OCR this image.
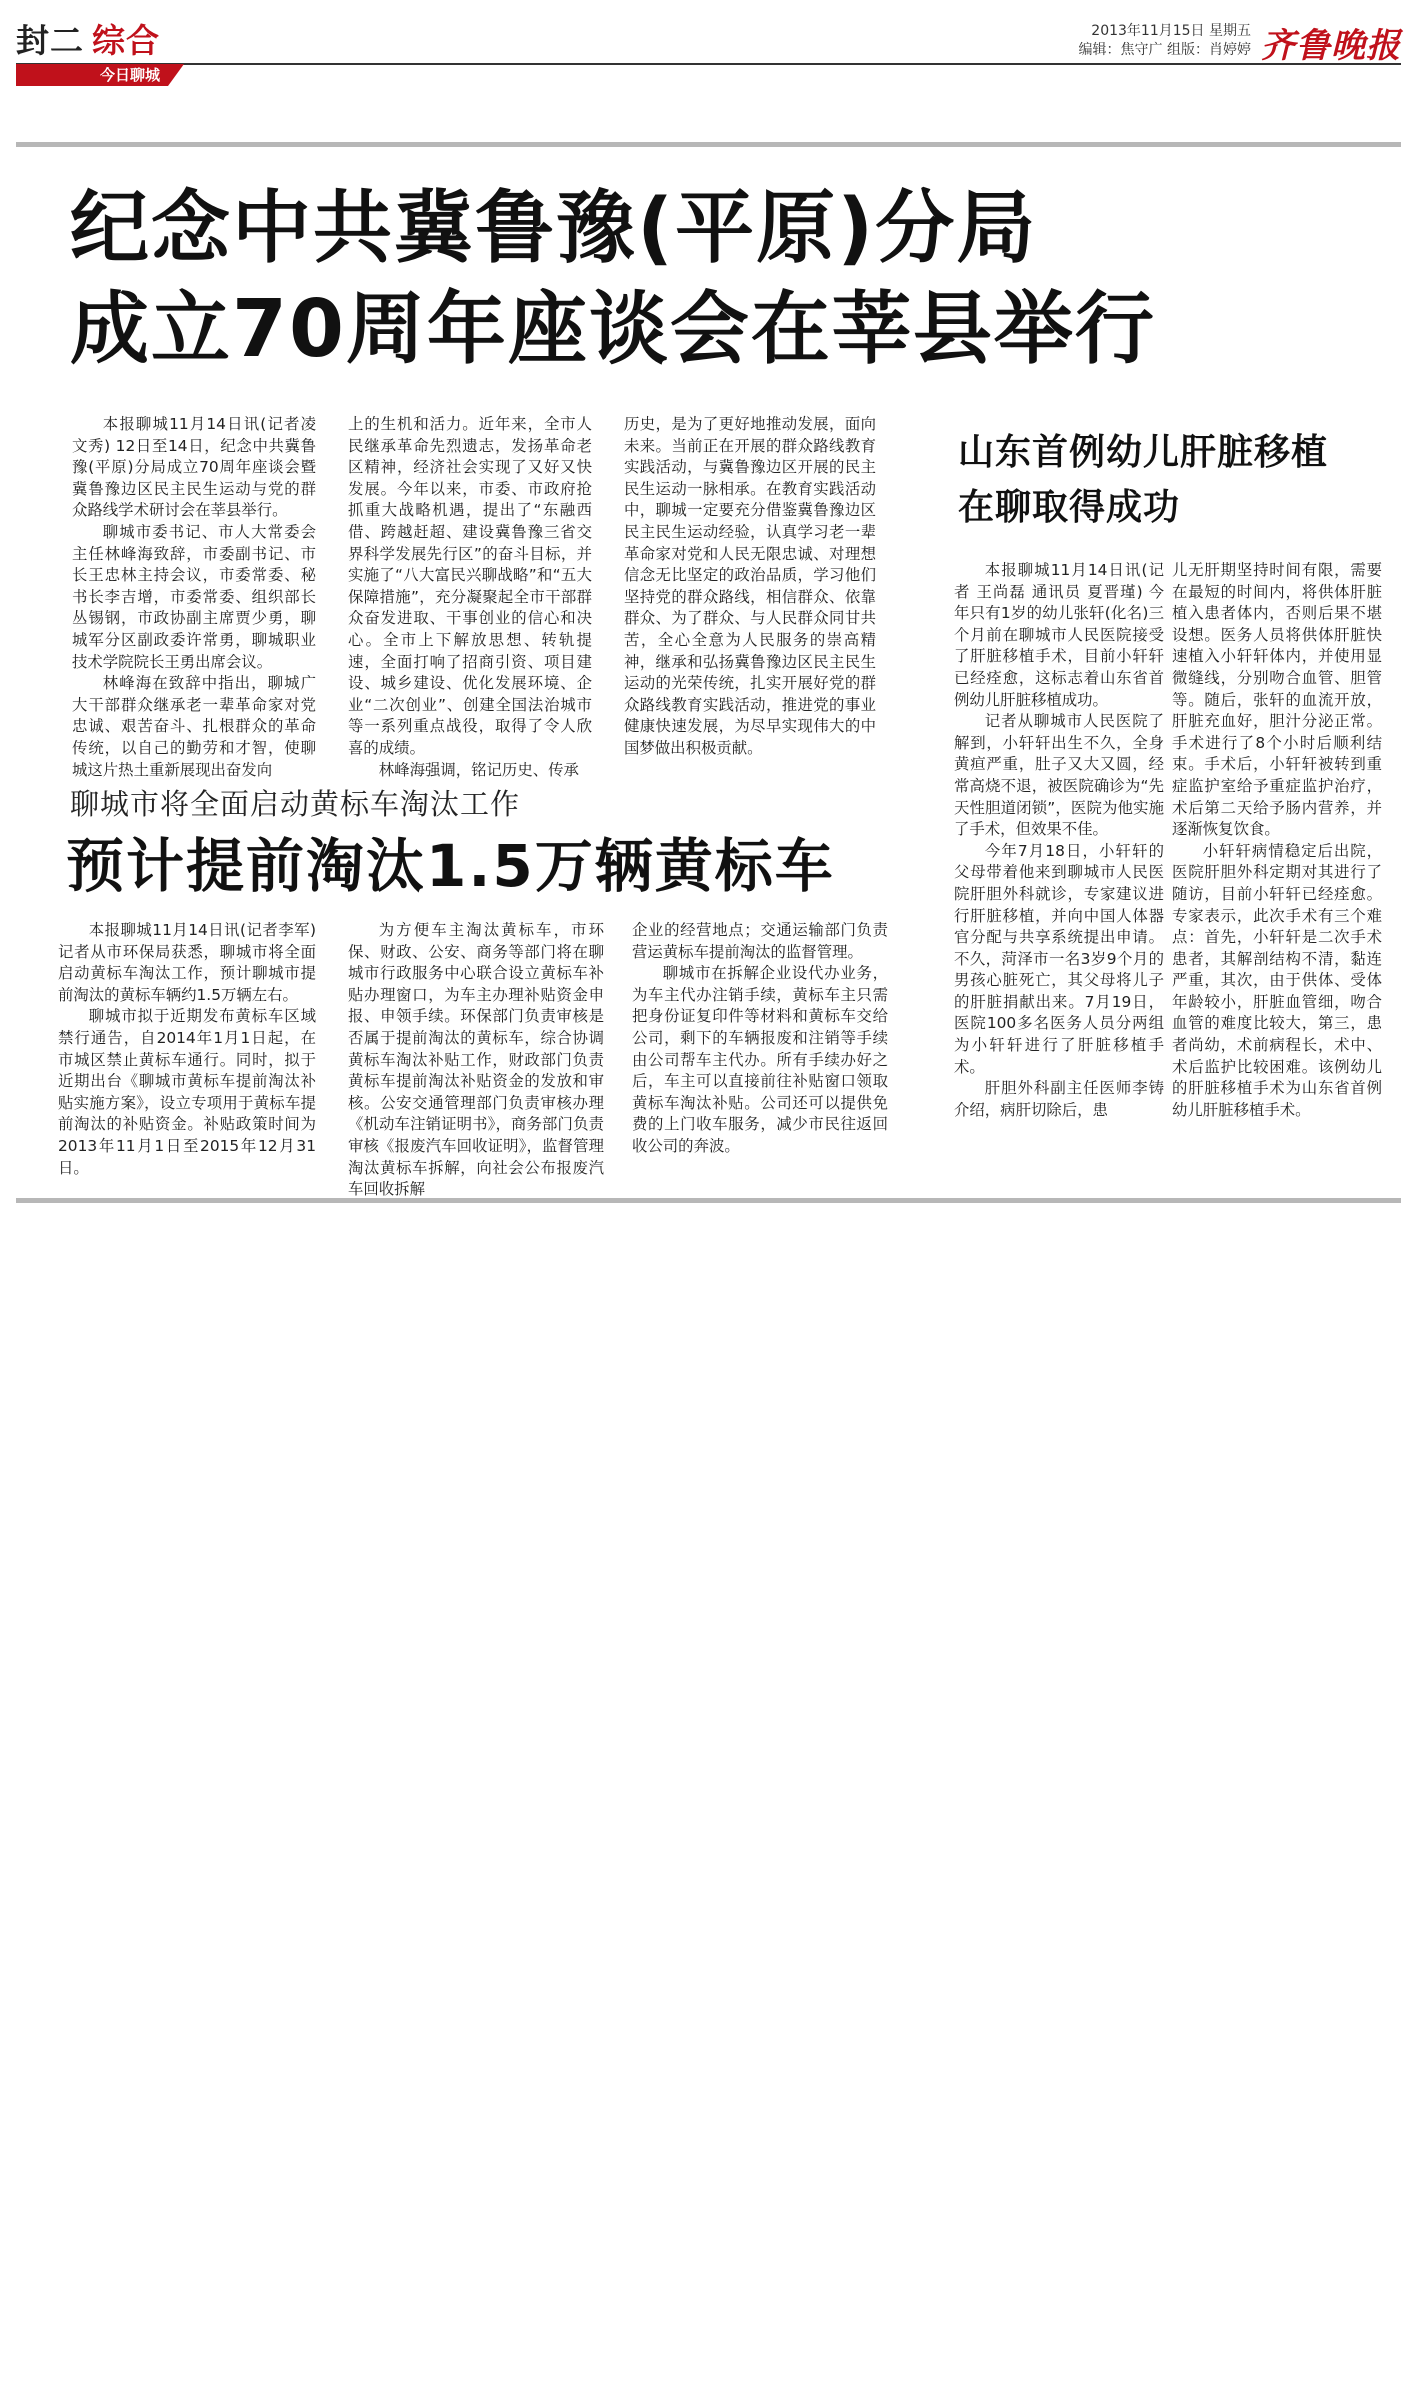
封二 综合
今日聊城
2013年11月15日 星期五
编辑：焦守广 组版：肖婷婷 齐鲁晚报
纪念中共冀鲁豫(平原)分局
成立70周年座谈会在莘县举行

本报聊城11月14日讯(记者凌文秀) 12日至14日，纪念中共冀鲁豫(平原)分局成立70周年座谈会暨冀鲁豫边区民主民生运动与党的群众路线学术研讨会在莘县举行。

聊城市委书记、市人大常委会主任林峰海致辞，市委副书记、市长王忠林主持会议，市委常委、秘书长李吉增，市委常委、组织部长丛锡钢，市政协副主席贾少勇，聊城军分区副政委许常勇，聊城职业技术学院院长王勇出席会议。

林峰海在致辞中指出，聊城广大干部群众继承老一辈革命家对党忠诚、艰苦奋斗、扎根群众的革命传统，以自己的勤劳和才智，使聊城这片热土重新展现出奋发向

上的生机和活力。近年来，全市人民继承革命先烈遗志，发扬革命老区精神，经济社会实现了又好又快发展。今年以来，市委、市政府抢抓重大战略机遇，提出了“东融西借、跨越赶超、建设冀鲁豫三省交界科学发展先行区”的奋斗目标，并实施了“八大富民兴聊战略”和“五大保障措施”，充分凝聚起全市干部群众奋发进取、干事创业的信心和决心。全市上下解放思想、转轨提速，全面打响了招商引资、项目建设、城乡建设、优化发展环境、企业“二次创业”、创建全国法治城市等一系列重点战役，取得了令人欣喜的成绩。

林峰海强调，铭记历史、传承

历史，是为了更好地推动发展，面向未来。当前正在开展的群众路线教育实践活动，与冀鲁豫边区开展的民主民生运动一脉相承。在教育实践活动中，聊城一定要充分借鉴冀鲁豫边区民主民生运动经验，认真学习老一辈革命家对党和人民无限忠诚、对理想信念无比坚定的政治品质，学习他们坚持党的群众路线，相信群众、依靠群众、为了群众、与人民群众同甘共苦，全心全意为人民服务的崇高精神，继承和弘扬冀鲁豫边区民主民生运动的光荣传统，扎实开展好党的群众路线教育实践活动，推进党的事业健康快速发展，为尽早实现伟大的中国梦做出积极贡献。

山东首例幼儿肝脏移植
在聊取得成功

本报聊城11月14日讯(记者 王尚磊 通讯员 夏晋瑾) 今年只有1岁的幼儿张轩(化名)三个月前在聊城市人民医院接受了肝脏移植手术，目前小轩轩已经痊愈，这标志着山东省首例幼儿肝脏移植成功。

记者从聊城市人民医院了解到，小轩轩出生不久，全身黄疸严重，肚子又大又圆，经常高烧不退，被医院确诊为“先天性胆道闭锁”，医院为他实施了手术，但效果不佳。

今年7月18日，小轩轩的父母带着他来到聊城市人民医院肝胆外科就诊，专家建议进行肝脏移植，并向中国人体器官分配与共享系统提出申请。不久，菏泽市一名3岁9个月的男孩心脏死亡，其父母将儿子的肝脏捐献出来。7月19日，医院100多名医务人员分两组为小轩轩进行了肝脏移植手术。

肝胆外科副主任医师李铸介绍，病肝切除后，患

儿无肝期坚持时间有限，需要在最短的时间内，将供体肝脏植入患者体内，否则后果不堪设想。医务人员将供体肝脏快速植入小轩轩体内，并使用显微缝线，分别吻合血管、胆管等。随后，张轩的血流开放，肝脏充血好，胆汁分泌正常。手术进行了8个小时后顺利结束。手术后，小轩轩被转到重症监护室给予重症监护治疗，术后第二天给予肠内营养，并逐渐恢复饮食。

小轩轩病情稳定后出院，医院肝胆外科定期对其进行了随访，目前小轩轩已经痊愈。专家表示，此次手术有三个难点：首先，小轩轩是二次手术患者，其解剖结构不清，黏连严重，其次，由于供体、受体年龄较小，肝脏血管细，吻合血管的难度比较大，第三，患者尚幼，术前病程长，术中、术后监护比较困难。该例幼儿的肝脏移植手术为山东省首例幼儿肝脏移植手术。

聊城市将全面启动黄标车淘汰工作
预计提前淘汰1.5万辆黄标车

本报聊城11月14日讯(记者李军) 记者从市环保局获悉，聊城市将全面启动黄标车淘汰工作，预计聊城市提前淘汰的黄标车辆约1.5万辆左右。

聊城市拟于近期发布黄标车区域禁行通告，自2014年1月1日起，在市城区禁止黄标车通行。同时，拟于近期出台《聊城市黄标车提前淘汰补贴实施方案》，设立专项用于黄标车提前淘汰的补贴资金。补贴政策时间为2013年11月1日至2015年12月31日。

为方便车主淘汰黄标车，市环保、财政、公安、商务等部门将在聊城市行政服务中心联合设立黄标车补贴办理窗口，为车主办理补贴资金申报、申领手续。环保部门负责审核是否属于提前淘汰的黄标车，综合协调黄标车淘汰补贴工作，财政部门负责黄标车提前淘汰补贴资金的发放和审核。公安交通管理部门负责审核办理《机动车注销证明书》，商务部门负责审核《报废汽车回收证明》，监督管理淘汰黄标车拆解，向社会公布报废汽车回收拆解

企业的经营地点；交通运输部门负责营运黄标车提前淘汰的监督管理。

聊城市在拆解企业设代办业务，为车主代办注销手续，黄标车主只需把身份证复印件等材料和黄标车交给公司，剩下的车辆报废和注销等手续由公司帮车主代办。所有手续办好之后，车主可以直接前往补贴窗口领取黄标车淘汰补贴。公司还可以提供免费的上门收车服务，减少市民往返回收公司的奔波。
